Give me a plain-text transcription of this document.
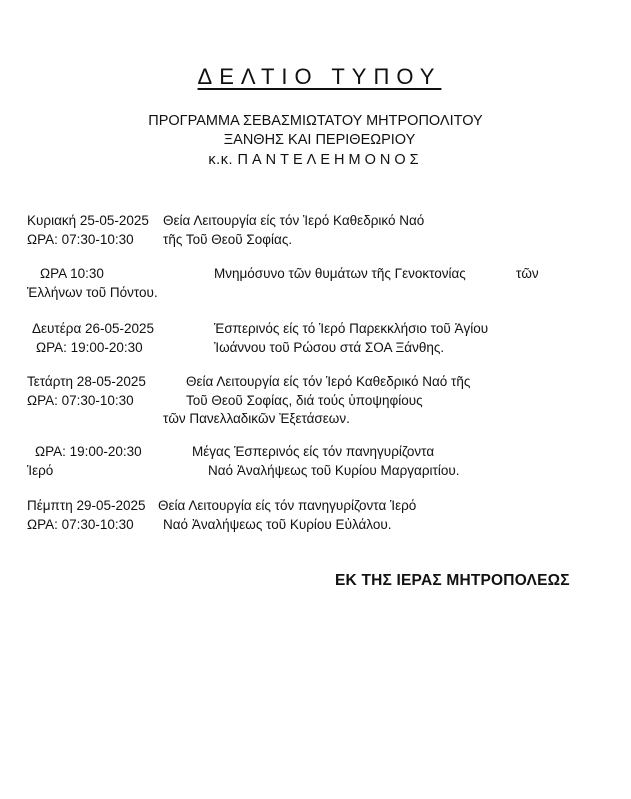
ΔΕΛΤΙΟ ΤΥΠΟΥ
ΠΡΟΓΡΑΜΜΑ ΣΕΒΑΣΜΙΩΤΑΤΟΥ ΜΗΤΡΟΠΟΛΙΤΟΥ
ΞΑΝΘΗΣ ΚΑΙ ΠΕΡΙΘΕΩΡΙΟΥ
κ.κ. ΠΑΝΤΕΛΕΗΜΟΝΟΣ
Κυριακή 25-05-2025 Θεία Λειτουργία είς τόν Ἱερό Καθεδρικό Ναό
ΩΡΑ: 07:30-10:30 τῆς Τοῦ Θεοῦ Σοφίας.
ΩΡΑ 10:30	Μνημόσυνο τῶν θυμάτων τῆς Γενοκτονίας	τῶν
Ἑλλήνων τοῦ Πόντου.
Δευτέρα 26-05-2025	Ἑσπερινός είς τό Ἱερό Παρεκκλήσιο τοῦ Ἁγίου
ΩΡΑ: 19:00-20:30	Ἰωάννου τοῦ Ρώσου στά ΣΟΑ Ξάνθης.
Τετάρτη 28-05-2025	Θεία Λειτουργία είς τόν Ἱερό Καθεδρικό Ναό τῆς
ΩΡΑ: 07:30-10:30	Τοῦ Θεοῦ Σοφίας, διά τούς ὑποψηφίους
τῶν Πανελλαδικῶν Ἐξετάσεων.
ΩΡΑ: 19:00-20:30	Μέγας Ἑσπερινός είς τόν πανηγυρίζοντα
Ἱερό	Ναό Ἀναλήψεως τοῦ Κυρίου Μαργαριτίου.
Πέμπτη 29-05-2025 Θεία Λειτουργία είς τόν πανηγυρίζοντα Ἱερό
ΩΡΑ: 07:30-10:30 Ναό Ἀναλήψεως τοῦ Κυρίου Εὐλάλου.
ΕΚ ΤΗΣ ΙΕΡΑΣ ΜΗΤΡΟΠΟΛΕΩΣ
